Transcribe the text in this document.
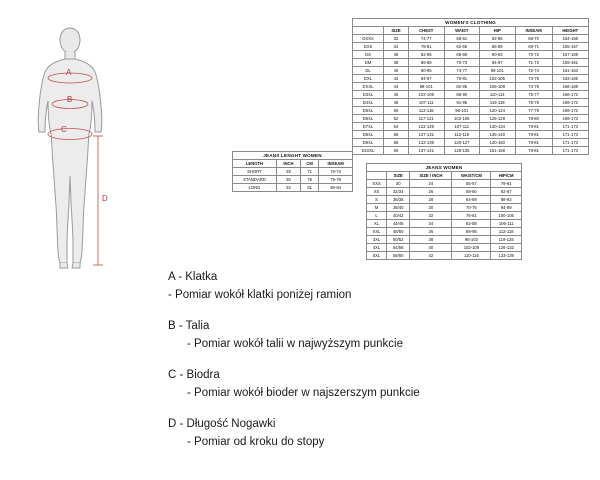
A
B
C
D
WOMEN'S CLOTHING						
	SIZE	CHEST	WAIST	HIP	INSEAM	HEIGHT
DXXS	32	74-77	58-61	82-85	68-70	154-156
DXS	34	78-81	62-65	86-89	69-71	155-157
DS	36	82-85	66-69	90-93	70-72	157-159
DM	38	86-89	70-73	94-97	71-73	159-161
DL	40	90-95	74-77	98-101	72-74	161-163
DXL	42	94-97	78-81	102-105	73-75	163-165
DXXL	44	98-101	82-85	106-109	74-76	166-169
D3XL	46	102-106	86-90	110-114	75-77	166-172
D4XL	48	107-111	91-95	115-119	76-78	169-172
D5XL	50	112-116	96-101	120-124	77-79	169-172
D6XL	52	117-121	102-106	125-129	78-80	169-173
D7XL	54	122-126	107-111	130-134	79-81	171-173
D8XL	56	127-131	112-119	135-140	79-81	171-173
D9XL	58	132-136	120-127	140-150	79-81	171-173
D10XL	60	137-141	128-135	151-158	79-81	171-173
JEANS LENGHT WOMEN			
LENGTH	INCH	CM	INSEAM
SHORT	28	71	70-74
STANDARD	30	76	75-79
LONG	32	81	80-84
JEANS WOMEN				
	SIZE	SIZE / INCH	WAIST/CM	HIP/CM
XXS	30	24	55-57	79-81
XS	32/34	26	58-60	82-87
S	36/38	28	64-69	88-93
M	38/40	30	70-75	94-99
L	40/42	32	76-81	100-105
XL	44/46	34	82-88	106-111
XXL	48/50	36	89-95	112-118
3XL	50/52	38	96-102	119-125
4XL	54/56	40	103-109	126-132
5XL	58/60	42	110-116	133-139
A - Klatka
- Pomiar wokół klatki poniżej ramion
B - Talia
- Pomiar wokół talii w najwyższym punkcie
C - Biodra
- Pomiar wokół bioder w najszerszym punkcie
D - Długość Nogawki
- Pomiar od kroku do stopy
